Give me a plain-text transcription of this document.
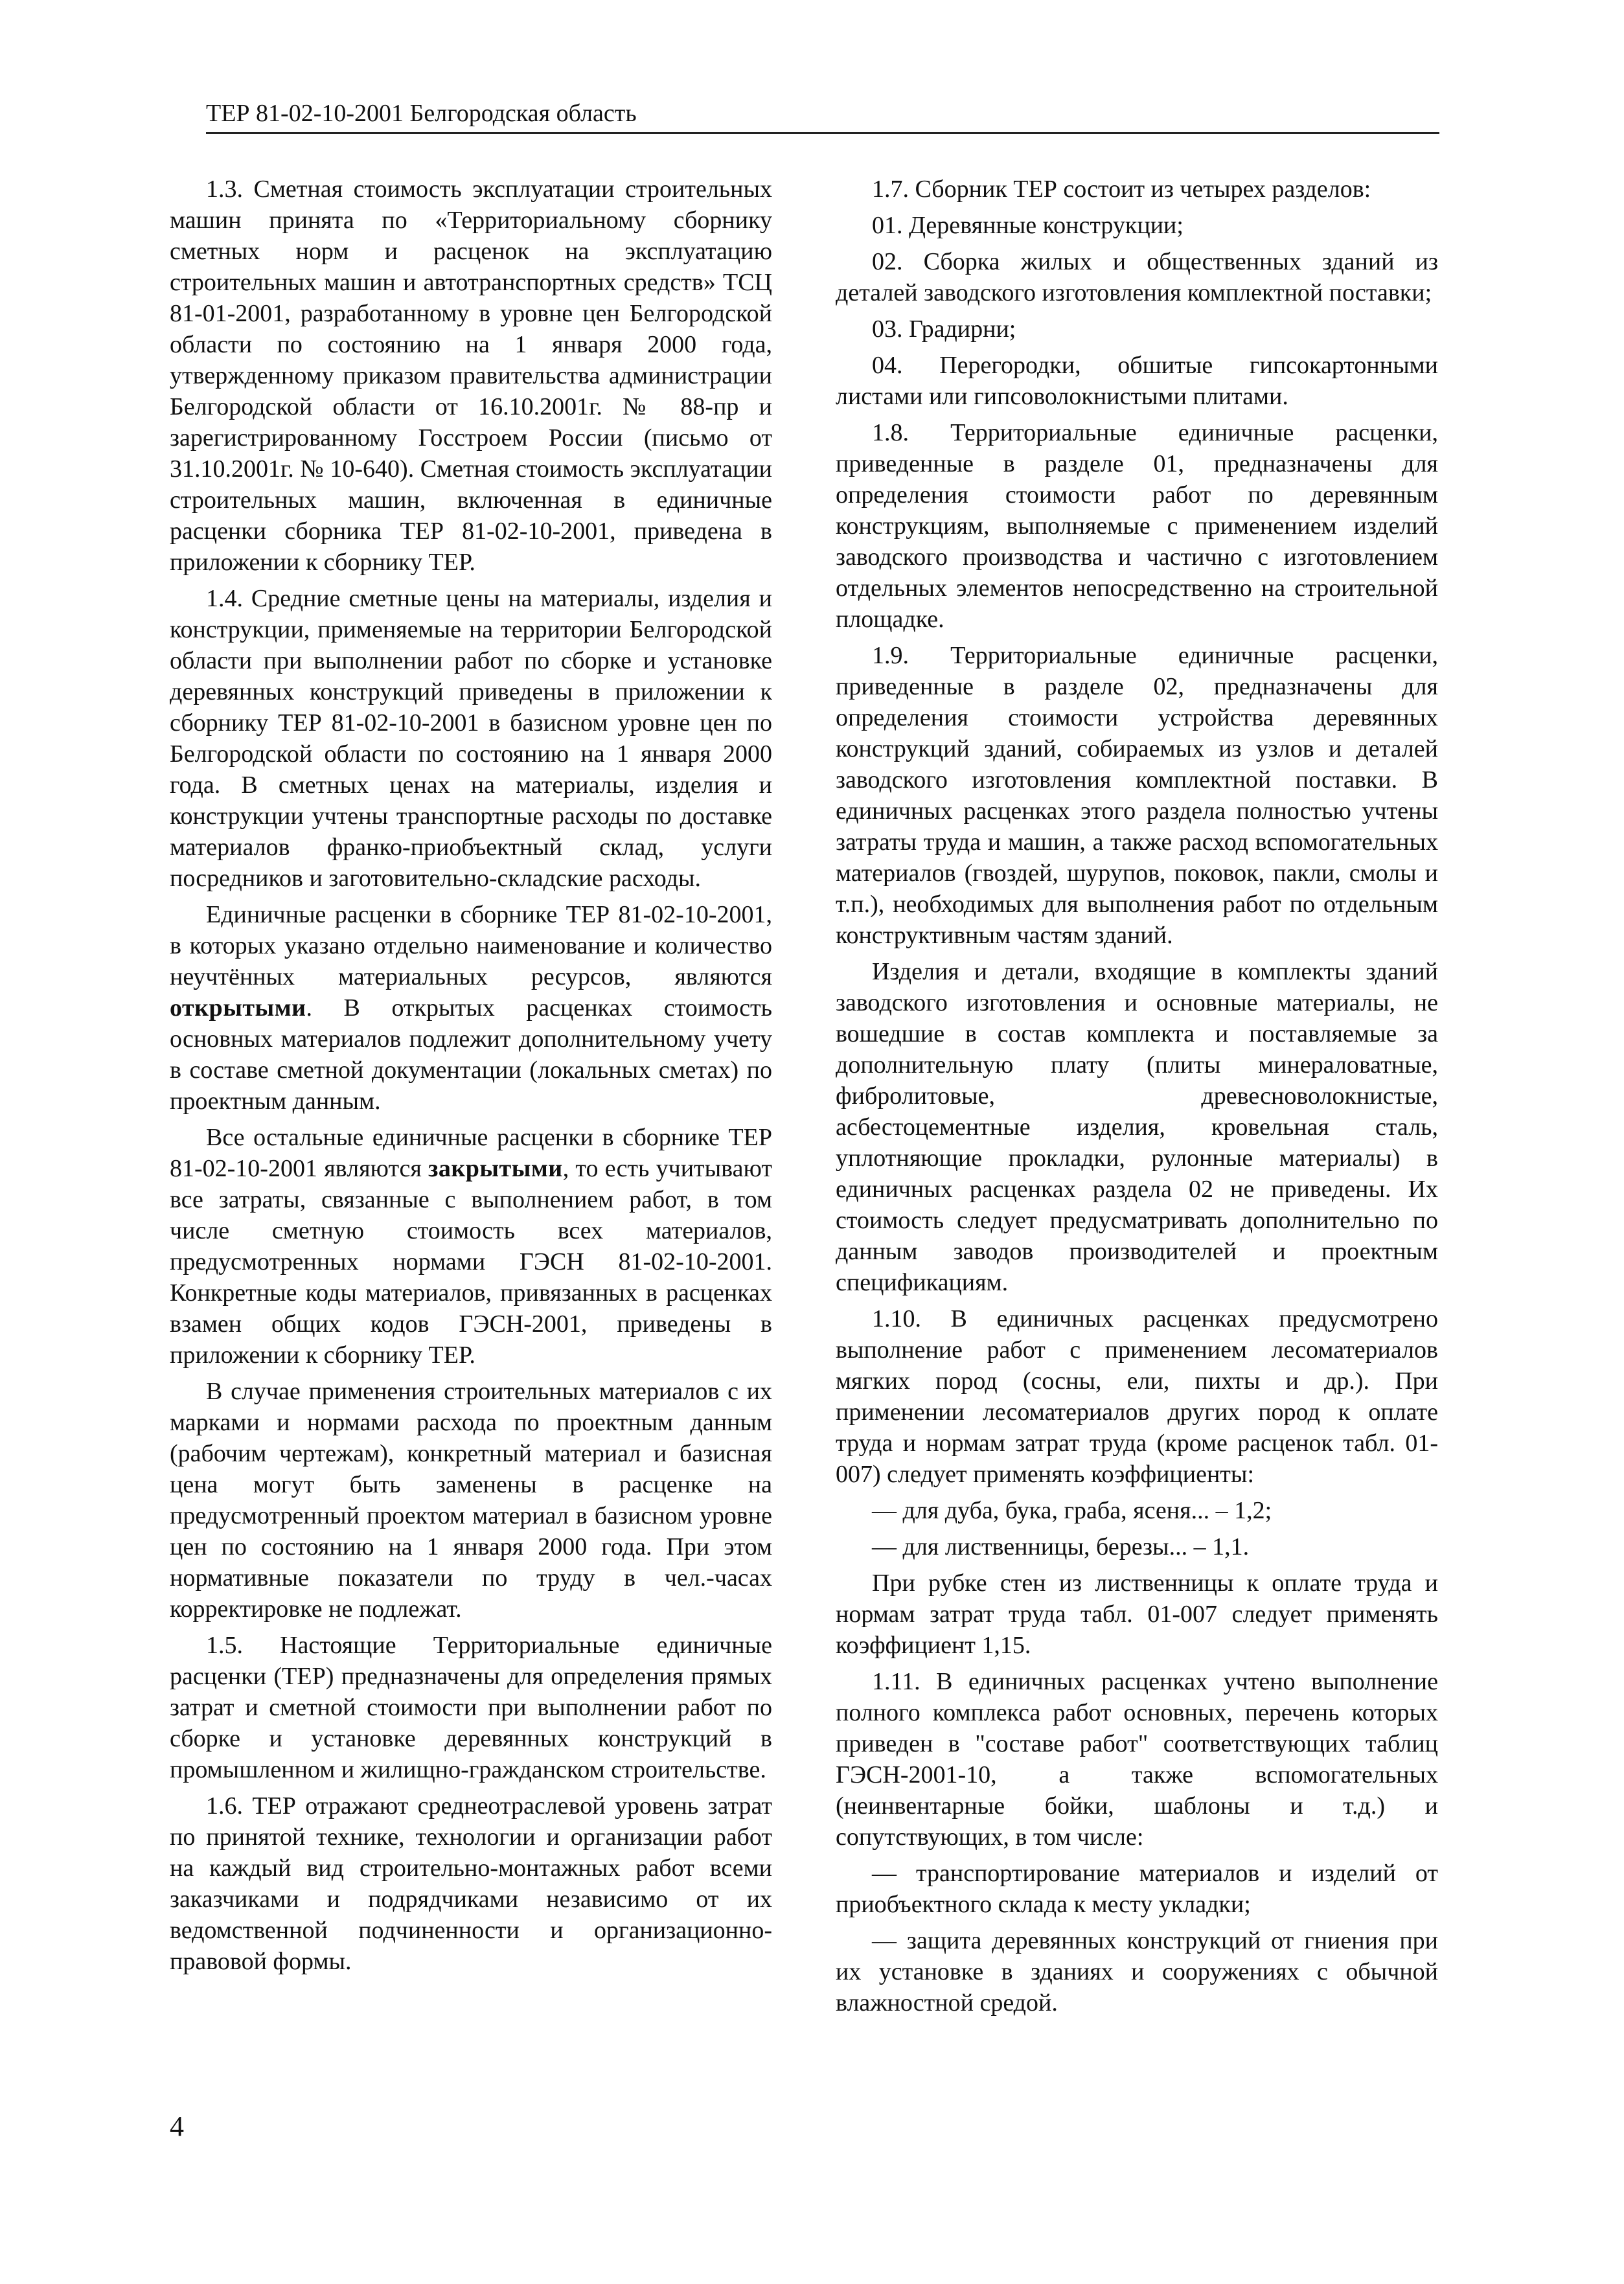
ТЕР 81-02-10-2001 Белгородская область

1.3. Сметная стоимость эксплуатации строительных машин принята по «Территориальному сборнику сметных норм и расценок на эксплуатацию строительных машин и автотранспортных средств» ТСЦ 81-01-2001, разработанному в уровне цен Белгородской области по состоянию на 1 января 2000 года, утвержденному приказом правительства администрации Белгородской области от 16.10.2001г. № 88-пр и зарегистрированному Госстроем России (письмо от 31.10.2001г. № 10-640). Сметная стоимость эксплуатации строительных машин, включенная в единичные расценки сборника ТЕР 81-02-10-2001, приведена в приложении к сборнику ТЕР.

1.4. Средние сметные цены на материалы, изделия и конструкции, применяемые на территории Белгородской области при выполнении работ по сборке и установке деревянных конструкций приведены в приложении к сборнику ТЕР 81-02-10-2001 в базисном уровне цен по Белгородской области по состоянию на 1 января 2000 года. В сметных ценах на материалы, изделия и конструкции учтены транспортные расходы по доставке материалов франко-приобъектный склад, услуги посредников и заготовительно-складские расходы.

Единичные расценки в сборнике ТЕР 81-02-10-2001, в которых указано отдельно наименование и количество неучтённых материальных ресурсов, являются открытыми. В открытых расценках стоимость основных материалов подлежит дополнительному учету в составе сметной документации (локальных сметах) по проектным данным.

Все остальные единичные расценки в сборнике ТЕР 81-02-10-2001 являются закрытыми, то есть учитывают все затраты, связанные с выполнением работ, в том числе сметную стоимость всех материалов, предусмотренных нормами ГЭСН 81-02-10-2001. Конкретные коды материалов, привязанных в расценках взамен общих кодов ГЭСН-2001, приведены в приложении к сборнику ТЕР.

В случае применения строительных материалов с их марками и нормами расхода по проектным данным (рабочим чертежам), конкретный материал и базисная цена могут быть заменены в расценке на предусмотренный проектом материал в базисном уровне цен по состоянию на 1 января 2000 года. При этом нормативные показатели по труду в чел.-часах корректировке не подлежат.

1.5. Настоящие Территориальные единичные расценки (ТЕР) предназначены для определения прямых затрат и сметной стоимости при выполнении работ по сборке и установке деревянных конструкций в промышленном и жилищно-гражданском строительстве.

1.6. ТЕР отражают среднеотраслевой уровень затрат по принятой технике, технологии и организации работ на каждый вид строительно-монтажных работ всеми заказчиками и подрядчиками независимо от их ведомственной подчиненности и организационно-правовой формы.

1.7. Сборник ТЕР состоит из четырех разделов:

01. Деревянные конструкции;

02. Сборка жилых и общественных зданий из деталей заводского изготовления комплектной поставки;

03. Градирни;

04. Перегородки, обшитые гипсокартонными листами или гипсоволокнистыми плитами.

1.8. Территориальные единичные расценки, приведенные в разделе 01, предназначены для определения стоимости работ по деревянным конструкциям, выполняемые с применением изделий заводского производства и частично с изготовлением отдельных элементов непосредственно на строительной площадке.

1.9. Территориальные единичные расценки, приведенные в разделе 02, предназначены для определения стоимости устройства деревянных конструкций зданий, собираемых из узлов и деталей заводского изготовления комплектной поставки. В единичных расценках этого раздела полностью учтены затраты труда и машин, а также расход вспомогательных материалов (гвоздей, шурупов, поковок, пакли, смолы и т.п.), необходимых для выполнения работ по отдельным конструктивным частям зданий.

Изделия и детали, входящие в комплекты зданий заводского изготовления и основные материалы, не вошедшие в состав комплекта и поставляемые за дополнительную плату (плиты минераловатные, фибролитовые, древесноволокнистые, асбестоцементные изделия, кровельная сталь, уплотняющие прокладки, рулонные материалы) в единичных расценках раздела 02 не приведены. Их стоимость следует предусматривать дополнительно по данным заводов производителей и проектным спецификациям.

1.10. В единичных расценках предусмотрено выполнение работ с применением лесоматериалов мягких пород (сосны, ели, пихты и др.). При применении лесоматериалов других пород к оплате труда и нормам затрат труда (кроме расценок табл. 01-007) следует применять коэффициенты:

— для дуба, бука, граба, ясеня... – 1,2;

— для лиственницы, березы... – 1,1.

При рубке стен из лиственницы к оплате труда и нормам затрат труда табл. 01-007 следует применять коэффициент 1,15.

1.11. В единичных расценках учтено выполнение полного комплекса работ основных, перечень которых приведен в "составе работ" соответствующих таблиц ГЭСН-2001-10, а также вспомогательных (неинвентарные бойки, шаблоны и т.д.) и сопутствующих, в том числе:

— транспортирование материалов и изделий от приобъектного склада к месту укладки;

— защита деревянных конструкций от гниения при их установке в зданиях и сооружениях с обычной влажностной средой.

4
